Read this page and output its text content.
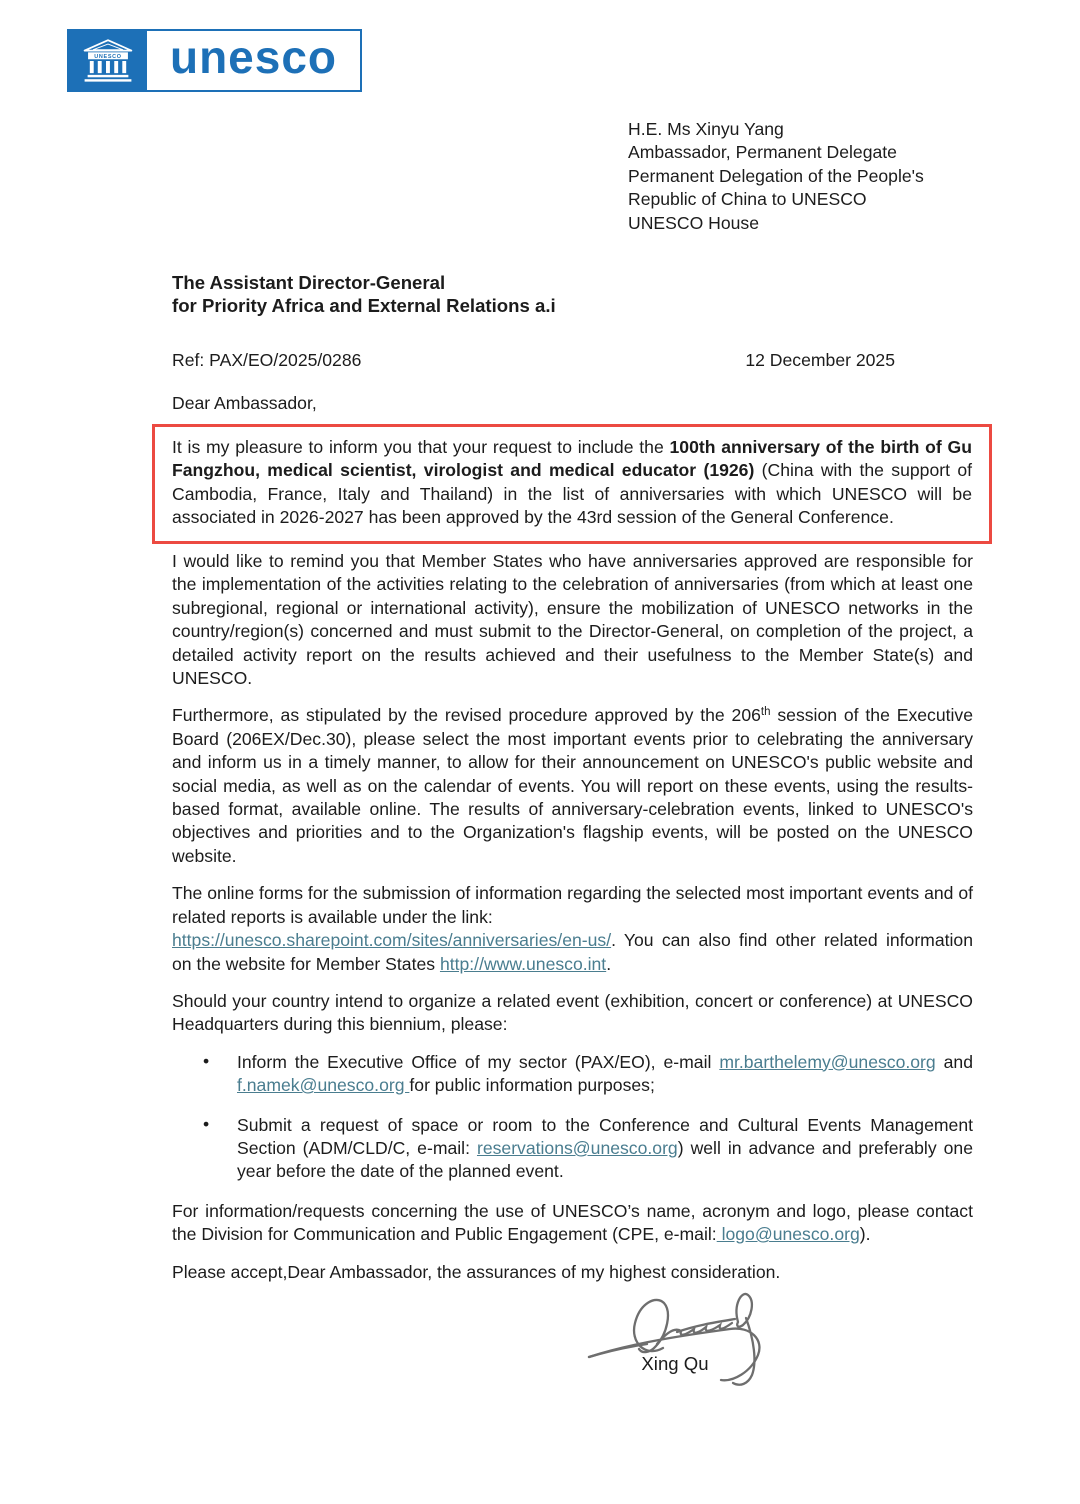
UNESCO	unesco
H.E. Ms Xinyu Yang
Ambassador, Permanent Delegate
Permanent Delegation of the People's
Republic of China to UNESCO
UNESCO House
The Assistant Director-General
for Priority Africa and External Relations a.i
Ref: PAX/EO/2025/0286	12 December 2025
Dear Ambassador,
It is my pleasure to inform you that your request to include the 100th anniversary of the birth of Gu Fangzhou, medical scientist, virologist and medical educator (1926) (China with the support of Cambodia, France, Italy and Thailand) in the list of anniversaries with which UNESCO will be associated in 2026-2027 has been approved by the 43rd session of the General Conference.

I would like to remind you that Member States who have anniversaries approved are responsible for the implementation of the activities relating to the celebration of anniversaries (from which at least one subregional, regional or international activity), ensure the mobilization of UNESCO networks in the country/region(s) concerned and must submit to the Director-General, on completion of the project, a detailed activity report on the results achieved and their usefulness to the Member State(s) and UNESCO.

Furthermore, as stipulated by the revised procedure approved by the 206th session of the Executive Board (206EX/Dec.30), please select the most important events prior to celebrating the anniversary and inform us in a timely manner, to allow for their announcement on UNESCO's public website and social media, as well as on the calendar of events. You will report on these events, using the results-based format, available online. The results of anniversary-celebration events, linked to UNESCO's objectives and priorities and to the Organization's flagship events, will be posted on the UNESCO website.

The online forms for the submission of information regarding the selected most important events and of related reports is available under the link:
https://unesco.sharepoint.com/sites/anniversaries/en-us/. You can also find other related information on the website for Member States http://www.unesco.int.

Should your country intend to organize a related event (exhibition, concert or conference) at UNESCO Headquarters during this biennium, please:

• Inform the Executive Office of my sector (PAX/EO), e-mail mr.barthelemy@unesco.org and f.namek@unesco.org for public information purposes;
• Submit a request of space or room to the Conference and Cultural Events Management Section (ADM/CLD/C, e-mail: reservations@unesco.org) well in advance and preferably one year before the date of the planned event.

For information/requests concerning the use of UNESCO’s name, acronym and logo, please contact the Division for Communication and Public Engagement (CPE, e-mail: logo@unesco.org).

Please accept,Dear Ambassador, the assurances of my highest consideration.

Xing Qu
